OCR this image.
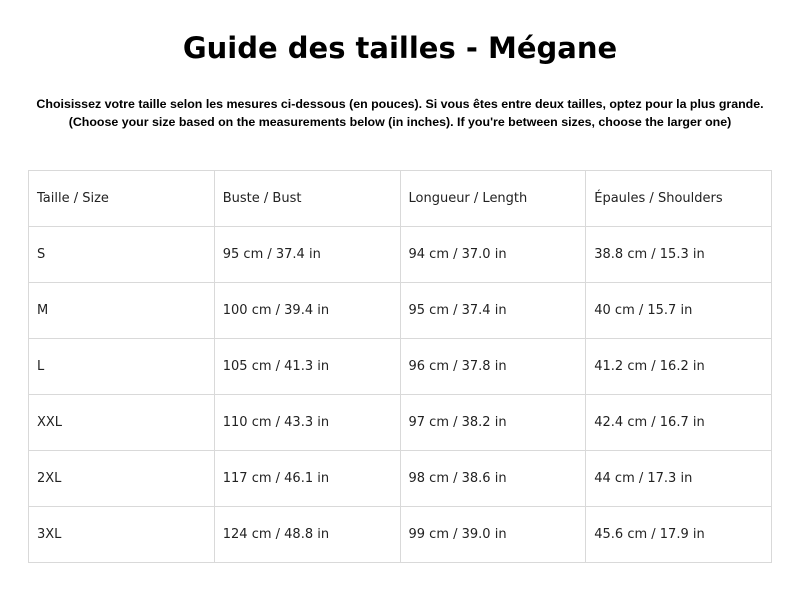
Guide des tailles - Mégane
Choisissez votre taille selon les mesures ci-dessous (en pouces). Si vous êtes entre deux tailles, optez pour la plus grande.
(Choose your size based on the measurements below (in inches). If you're between sizes, choose the larger one)
Taille / Size	Buste / Bust	Longueur / Length	Épaules / Shoulders
S	95 cm / 37.4 in	94 cm / 37.0 in	38.8 cm / 15.3 in
M	100 cm / 39.4 in	95 cm / 37.4 in	40 cm / 15.7 in
L	105 cm / 41.3 in	96 cm / 37.8 in	41.2 cm / 16.2 in
XXL	110 cm / 43.3 in	97 cm / 38.2 in	42.4 cm / 16.7 in
2XL	117 cm / 46.1 in	98 cm / 38.6 in	44 cm / 17.3 in
3XL	124 cm / 48.8 in	99 cm / 39.0 in	45.6 cm / 17.9 in
